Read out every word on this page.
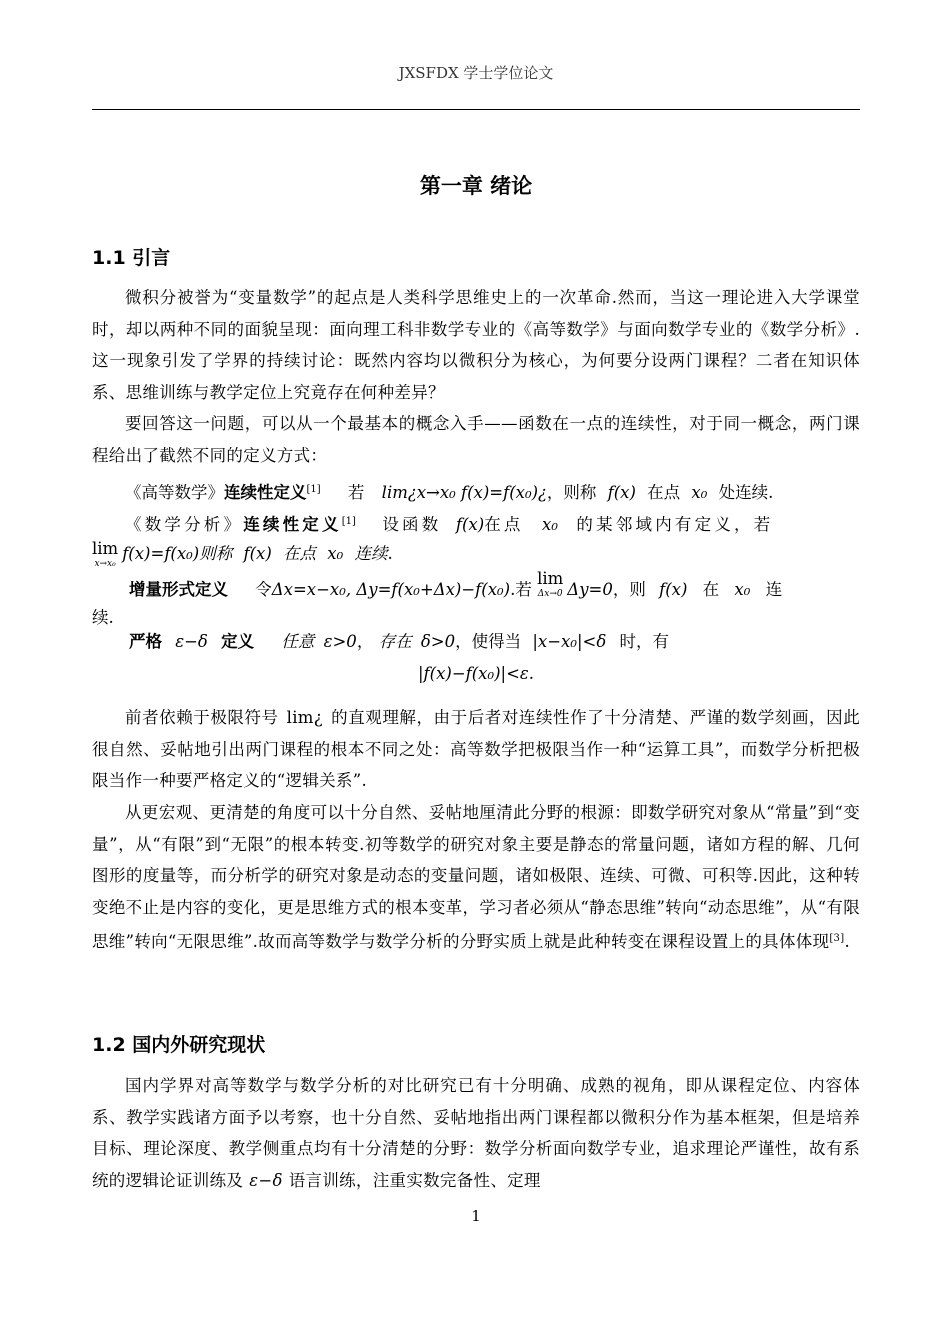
JXSFDX 学士学位论文
第一章 绪论
1.1 引言
微积分被誉为“变量数学”的起点是人类科学思维史上的一次革命.然而，当这一理论进入大学课堂时，却以两种不同的面貌呈现：面向理工科非数学专业的《高等数学》与面向数学专业的《数学分析》.这一现象引发了学界的持续讨论：既然内容均以微积分为核心，为何要分设两门课程？二者在知识体系、思维训练与教学定位上究竟存在何种差异？
要回答这一问题，可以从一个最基本的概念入手——函数在一点的连续性，对于同一概念，两门课程给出了截然不同的定义方式：
《高等数学》连续性定义[1] 若 lim¿x→x₀ f(x)=f(x₀)¿，则称 f(x) 在点 x₀ 处连续.
《数学分析》连续性定义[1] 设函数 f(x)在点 x₀ 的某邻域内有定义，若
lim
x→x₀
f(x)=f(x₀)则称 f(x) 在点 x₀ 连续.
增量形式定义 令Δx=x−x₀, Δy=f(x₀+Δx)−f(x₀).若
lim
Δx→0 Δy=0，则 f(x) 在 x₀ 连
续.
严格 ε−δ 定义 任意 ε>0， 存在 δ>0，使得当 |x−x₀|<δ 时，有
|f(x)−f(x₀)|<ε.
前者依赖于极限符号 lim¿ 的直观理解，由于后者对连续性作了十分清楚、严谨的数学刻画，因此很自然、妥帖地引出两门课程的根本不同之处：高等数学把极限当作一种“运算工具”，而数学分析把极限当作一种要严格定义的“逻辑关系”.
从更宏观、更清楚的角度可以十分自然、妥帖地厘清此分野的根源：即数学研究对象从“常量”到“变量”，从“有限”到“无限”的根本转变.初等数学的研究对象主要是静态的常量问题，诸如方程的解、几何图形的度量等，而分析学的研究对象是动态的变量问题，诸如极限、连续、可微、可积等.因此，这种转变绝不止是内容的变化，更是思维方式的根本变革，学习者必须从“静态思维”转向“动态思维”，从“有限思维”转向“无限思维”.故而高等数学与数学分析的分野实质上就是此种转变在课程设置上的具体体现[3].
1.2 国内外研究现状
国内学界对高等数学与数学分析的对比研究已有十分明确、成熟的视角，即从课程定位、内容体系、教学实践诸方面予以考察，也十分自然、妥帖地指出两门课程都以微积分作为基本框架，但是培养目标、理论深度、教学侧重点均有十分清楚的分野：数学分析面向数学专业，追求理论严谨性，故有系统的逻辑论证训练及 ε−δ 语言训练，注重实数完备性、定理
1
